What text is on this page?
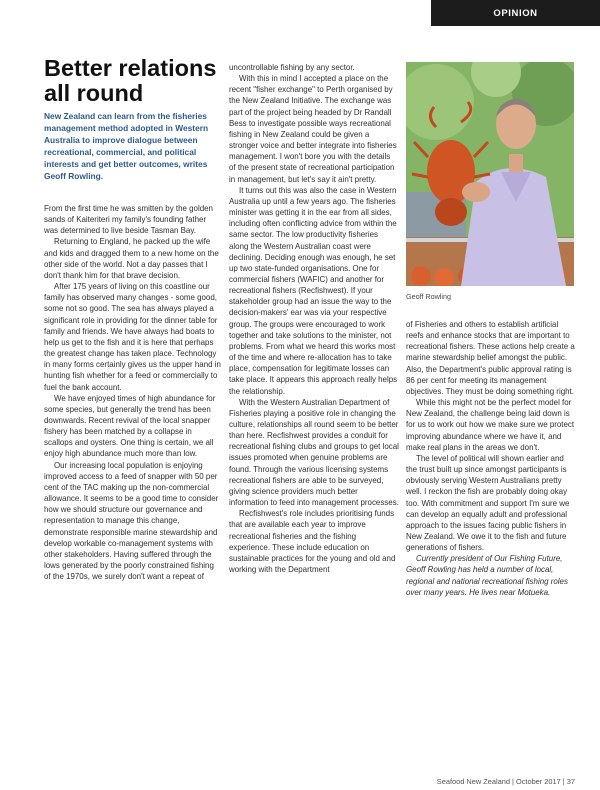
OPINION
Better relations all round
New Zealand can learn from the fisheries management method adopted in Western Australia to improve dialogue between recreational, commercial, and political interests and get better outcomes, writes Geoff Rowling.

From the first time he was smitten by the golden sands of Kaiteriteri my family's founding father was determined to live beside Tasman Bay.

Returning to England, he packed up the wife and kids and dragged them to a new home on the other side of the world. Not a day passes that I don't thank him for that brave decision.

After 175 years of living on this coastline our family has observed many changes - some good, some not so good. The sea has always played a significant role in providing for the dinner table for family and friends. We have always had boats to help us get to the fish and it is here that perhaps the greatest change has taken place. Technology in many forms certainly gives us the upper hand in hunting fish whether for a feed or commercially to fuel the bank account.

We have enjoyed times of high abundance for some species, but generally the trend has been downwards. Recent revival of the local snapper fishery has been matched by a collapse in scallops and oysters. One thing is certain, we all enjoy high abundance much more than low.

Our increasing local population is enjoying improved access to a feed of snapper with 50 per cent of the TAC making up the non-commercial allowance. It seems to be a good time to consider how we should structure our governance and representation to manage this change, demonstrate responsible marine stewardship and develop workable co-management systems with other stakeholders. Having suffered through the lows generated by the poorly constrained fishing of the 1970s, we surely don't want a repeat of

uncontrollable fishing by any sector.

With this in mind I accepted a place on the recent "fisher exchange" to Perth organised by the New Zealand Initiative. The exchange was part of the project being headed by Dr Randall Bess to investigate possible ways recreational fishing in New Zealand could be given a stronger voice and better integrate into fisheries management. I won't bore you with the details of the present state of recreational participation in management, but let's say it ain't pretty.

It turns out this was also the case in Western Australia up until a few years ago. The fisheries minister was getting it in the ear from all sides, including often conflicting advice from within the same sector. The low productivity fisheries along the Western Australian coast were declining. Deciding enough was enough, he set up two state-funded organisations. One for commercial fishers (WAFIC) and another for recreational fishers (Recfishwest). If your stakeholder group had an issue the way to the decision-makers' ear was via your respective group. The groups were encouraged to work together and take solutions to the minister, not problems. From what we heard this works most of the time and where re-allocation has to take place, compensation for legitimate losses can take place. It appears this approach really helps the relationship.

With the Western Australian Department of Fisheries playing a positive role in changing the culture, relationships all round seem to be better than here. Recfishwest provides a conduit for recreational fishing clubs and groups to get local issues promoted when genuine problems are found. Through the various licensing systems recreational fishers are able to be surveyed, giving science providers much better information to feed into management processes.

Recfishwest's role includes prioritising funds that are available each year to improve recreational fisheries and the fishing experience. These include education on sustainable practices for the young and old and working with the Department

Geoff Rowling

of Fisheries and others to establish artificial reefs and enhance stocks that are important to recreational fishers. These actions help create a marine stewardship belief amongst the public. Also, the Department's public approval rating is 86 per cent for meeting its management objectives. They must be doing something right.

While this might not be the perfect model for New Zealand, the challenge being laid down is for us to work out how we make sure we protect improving abundance where we have it, and make real plans in the areas we don't.

The level of political will shown earlier and the trust built up since amongst participants is obviously serving Western Australians pretty well. I reckon the fish are probably doing okay too. With commitment and support I'm sure we can develop an equally adult and professional approach to the issues facing public fishers in New Zealand. We owe it to the fish and future generations of fishers.

Currently president of Our Fishing Future, Geoff Rowling has held a number of local, regional and national recreational fishing roles over many years. He lives near Motueka.

Seafood New Zealand | October 2017 | 37
